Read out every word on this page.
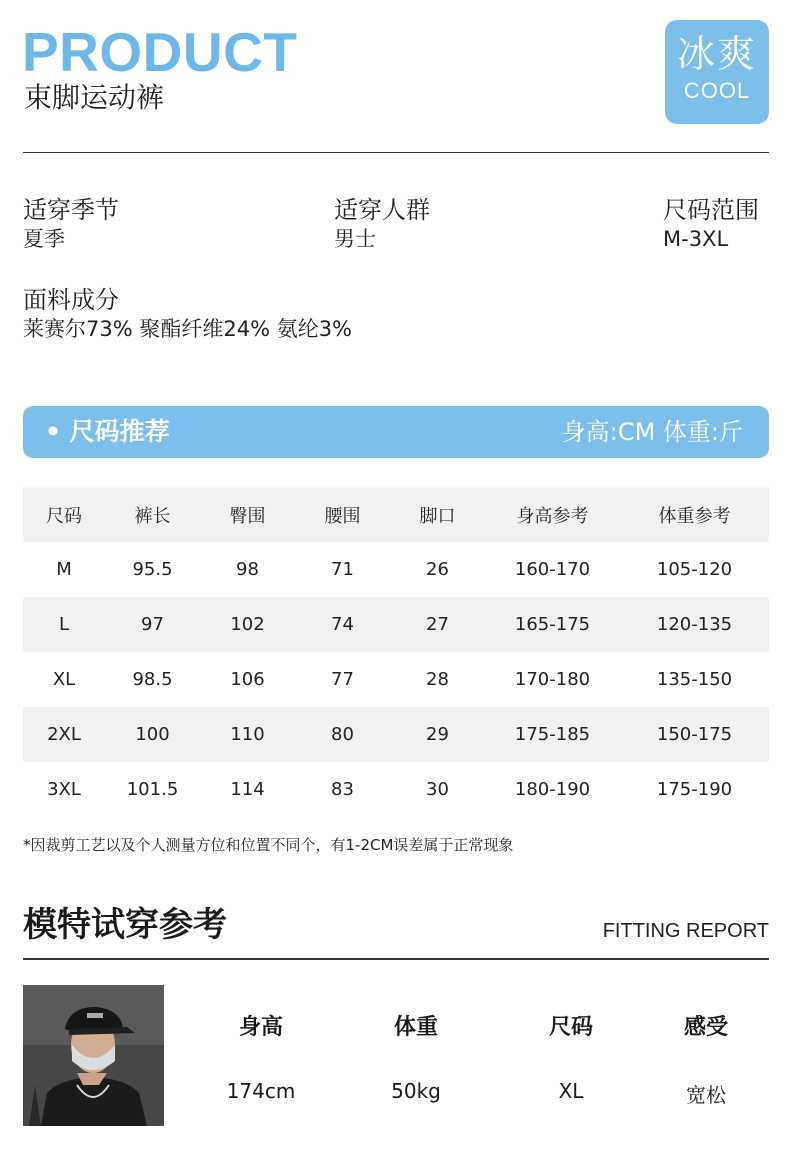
PRODUCT
束脚运动裤
冰爽
COOL
适穿季节
夏季
适穿人群
男士
尺码范围
M-3XL
面料成分
莱赛尔73% 聚酯纤维24% 氨纶3%
• 尺码推荐	身高:CM 体重:斤
尺码	裤长	臀围	腰围	脚口	身高参考	体重参考
M	95.5	98	71	26	160-170	105-120
L	97	102	74	27	165-175	120-135
XL	98.5	106	77	28	170-180	135-150
2XL	100	110	80	29	175-185	150-175
3XL	101.5	114	83	30	180-190	175-190
*因裁剪工艺以及个人测量方位和位置不同个，有1-2CM误差属于正常现象
模特试穿参考	FITTING REPORT
身高	体重	尺码	感受
174cm	50kg	XL	宽松
